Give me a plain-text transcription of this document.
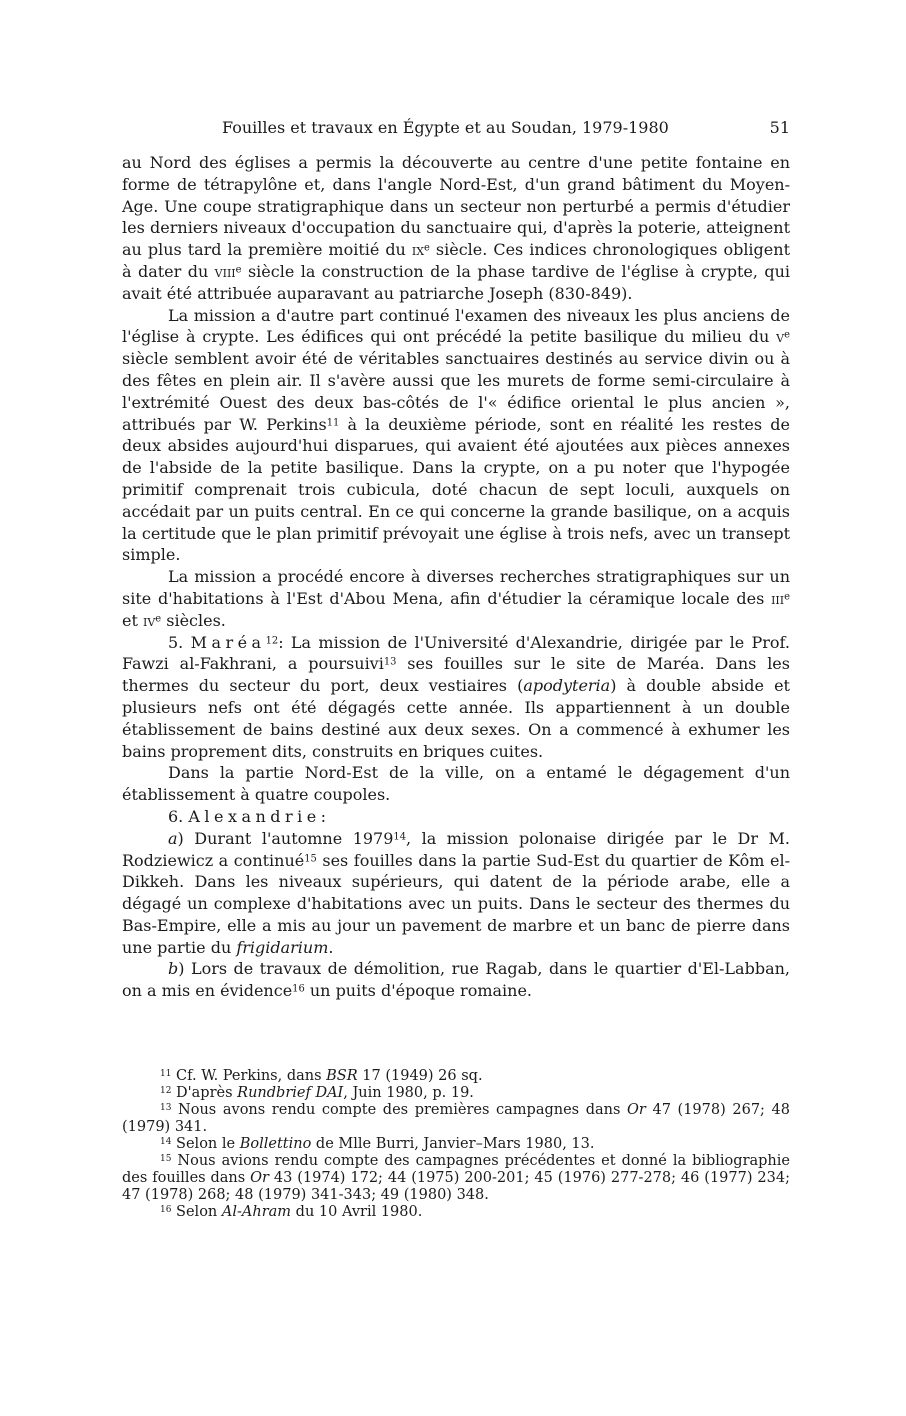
Fouilles et travaux en Égypte et au Soudan, 1979-1980	51

au Nord des églises a permis la découverte au centre d'une petite fontaine en forme de tétrapylône et, dans l'angle Nord-Est, d'un grand bâtiment du Moyen-Age. Une coupe stratigraphique dans un secteur non perturbé a permis d'étudier les derniers niveaux d'occupation du sanctuaire qui, d'après la poterie, atteignent au plus tard la première moitié du $ix^e$ siècle. Ces indices chronologiques obligent à dater du viii$^e$ siècle la construction de la phase tardive de l'église à crypte, qui avait été attribuée auparavant au patriarche Joseph (830-849).

La mission a d'autre part continué l'examen des niveaux les plus anciens de l'église à crypte. Les édifices qui ont précédé la petite basilique du milieu du $v^e$ siècle semblent avoir été de véritables sanctuaires destinés au service divin ou à des fêtes en plein air. Il s'avère aussi que les murets de forme semi-circulaire à l'extrémité Ouest des deux bas-côtés de l'« édifice oriental le plus ancien », attribués par W. Perkins$^{11}$ à la deuxième période, sont en réalité les restes de deux absides aujourd'hui disparues, qui avaient été ajoutées aux pièces annexes de l'abside de la petite basilique. Dans la crypte, on a pu noter que l'hypogée primitif comprenait trois cubicula, doté chacun de sept loculi, auxquels on accédait par un puits central. En ce qui concerne la grande basilique, on a acquis la certitude que le plan primitif prévoyait une église à trois nefs, avec un transept simple.

La mission a procédé encore à diverses recherches stratigraphiques sur un site d'habitations à l'Est d'Abou Mena, afin d'étudier la céramique locale des iii$^e$ et $iv^e$ siècles.

5. Maréa$^{12}$: La mission de l'Université d'Alexandrie, dirigée par le Prof. Fawzi al-Fakhrani, a poursuivi$^{13}$ ses fouilles sur le site de Maréa. Dans les thermes du secteur du port, deux vestiaires (apodyteria) à double abside et plusieurs nefs ont été dégagés cette année. Ils appartiennent à un double établissement de bains destiné aux deux sexes. On a commencé à exhumer les bains proprement dits, construits en briques cuites.

Dans la partie Nord-Est de la ville, on a entamé le dégagement d'un établissement à quatre coupoles.

6. Alexandrie:

a) Durant l'automne 1979$^{14}$, la mission polonaise dirigée par le Dr M. Rodziewicz a continué$^{15}$ ses fouilles dans la partie Sud-Est du quartier de Kôm el-Dikkeh. Dans les niveaux supérieurs, qui datent de la période arabe, elle a dégagé un complexe d'habitations avec un puits. Dans le secteur des thermes du Bas-Empire, elle a mis au jour un pavement de marbre et un banc de pierre dans une partie du frigidarium.

b) Lors de travaux de démolition, rue Ragab, dans le quartier d'El-Labban, on a mis en évidence$^{16}$ un puits d'époque romaine.

$^{11}$ Cf. W. Perkins, dans BSR 17 (1949) 26 sq.

$^{12}$ D'après Rundbrief DAI, Juin 1980, p. 19.

$^{13}$ Nous avons rendu compte des premières campagnes dans Or 47 (1978) 267; 48 (1979) 341.

$^{14}$ Selon le Bollettino de Mlle Burri, Janvier–Mars 1980, 13.

$^{15}$ Nous avions rendu compte des campagnes précédentes et donné la bibliographie des fouilles dans Or 43 (1974) 172; 44 (1975) 200-201; 45 (1976) 277-278; 46 (1977) 234; 47 (1978) 268; 48 (1979) 341-343; 49 (1980) 348.

$^{16}$ Selon Al-Ahram du 10 Avril 1980.
